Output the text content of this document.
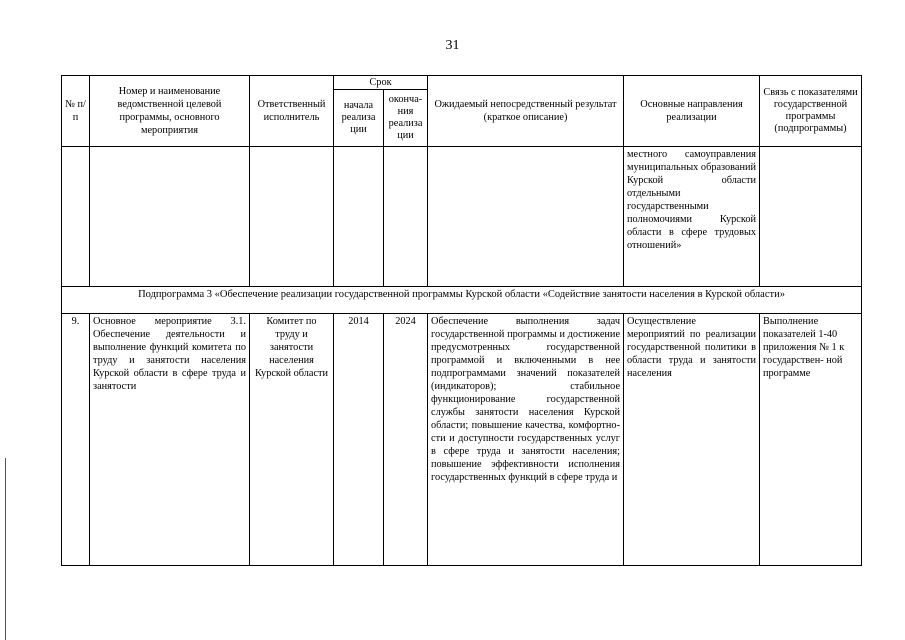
31
№ п/п	Номер и наименование ведомственной целевой программы, основного мероприятия	Ответственный исполнитель	Срок		Ожидаемый непосредственный результат (краткое описание)	Основные направления реализации	Связь с показателями государственной программы (подпрограммы)
			начала реализа ции	оконча- ния реализа ции			
						местного самоуправления муниципальных образований Курской области отдельными государственными полномочиями Курской области в сфере трудовых отношений»	
Подпрограмма 3 «Обеспечение реализации государственной программы Курской области «Содействие занятости населения в Курской области»							
9.	Основное мероприятие 3.1. Обеспечение деятельности и выполнение функций комитета по труду и занятости населения Курской области в сфере труда и занятости	Комитет по труду и занятости населения Курской области	2014	2024	Обеспечение выполнения задач государственной программы и достижение предусмотренных государственной программой и включенными в нее подпрограммами значений показателей (индикаторов); стабильное функционирование государственной службы занятости населения Курской области; повышение качества, комфортно- сти и доступности государственных услуг в сфере труда и занятости населения; повышение эффективности исполнения государственных функций в сфере труда и	Осуществление мероприятий по реализации государственной политики в области труда и занятости населения	Выполнение показателей 1-40 приложения № 1 к государствен- ной программе
